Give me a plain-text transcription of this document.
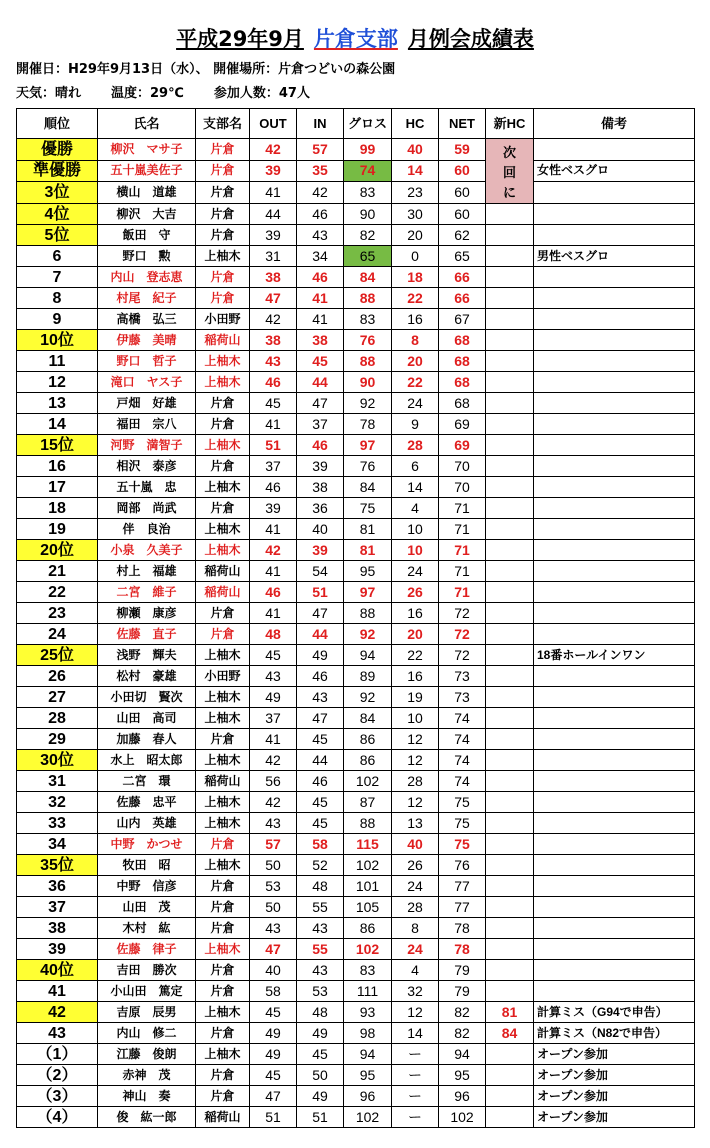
平成29年9月 片倉支部 月例会成績表
開催日：H29年9月13日（水）、 開催場所：片倉つどいの森公園
天気：晴れ 温度：29℃ 参加人数：47人
順位	氏名	支部名	OUT	IN	グロス	HC	NET	新HC	備考
優勝	柳沢　マサ子	片倉	42	57	99	40	59	次回に	
準優勝	五十嵐美佐子	片倉	39	35	74	14	60		女性ベスグロ
3位	横山　道雄	片倉	41	42	83	23	60		
4位	柳沢　大吉	片倉	44	46	90	30	60		
5位	飯田　守	片倉	39	43	82	20	62		
6	野口　勲	上柚木	31	34	65	0	65		男性ベスグロ
7	内山　登志恵	片倉	38	46	84	18	66		
8	村尾　紀子	片倉	47	41	88	22	66		
9	高橋　弘三	小田野	42	41	83	16	67		
10位	伊藤　美晴	稲荷山	38	38	76	8	68		
11	野口　哲子	上柚木	43	45	88	20	68		
12	滝口　ヤス子	上柚木	46	44	90	22	68		
13	戸畑　好雄	片倉	45	47	92	24	68		
14	福田　宗八	片倉	41	37	78	9	69		
15位	河野　満智子	上柚木	51	46	97	28	69		
16	相沢　泰彦	片倉	37	39	76	6	70		
17	五十嵐　忠	上柚木	46	38	84	14	70		
18	岡部　尚武	片倉	39	36	75	4	71		
19	伴　良治	上柚木	41	40	81	10	71		
20位	小泉　久美子	上柚木	42	39	81	10	71		
21	村上　福雄	稲荷山	41	54	95	24	71		
22	二宮　維子	稲荷山	46	51	97	26	71		
23	柳瀬　康彦	片倉	41	47	88	16	72		
24	佐藤　直子	片倉	48	44	92	20	72		
25位	浅野　輝夫	上柚木	45	49	94	22	72		18番ホールインワン
26	松村　豪雄	小田野	43	46	89	16	73		
27	小田切　賢次	上柚木	49	43	92	19	73		
28	山田　高司	上柚木	37	47	84	10	74		
29	加藤　春人	片倉	41	45	86	12	74		
30位	水上　昭太郎	上柚木	42	44	86	12	74		
31	二宮　環	稲荷山	56	46	102	28	74		
32	佐藤　忠平	上柚木	42	45	87	12	75		
33	山内　英雄	上柚木	43	45	88	13	75		
34	中野　かつせ	片倉	57	58	115	40	75		
35位	牧田　昭	上柚木	50	52	102	26	76		
36	中野　信彦	片倉	53	48	101	24	77		
37	山田　茂	片倉	50	55	105	28	77		
38	木村　紘	片倉	43	43	86	8	78		
39	佐藤　律子	上柚木	47	55	102	24	78		
40位	吉田　勝次	片倉	40	43	83	4	79		
41	小山田　篤定	片倉	58	53	111	32	79		
42	吉原　辰男	上柚木	45	48	93	12	82	81	計算ミス（G94で申告）
43	内山　修二	片倉	49	49	98	14	82	84	計算ミス（N82で申告）
（1）	江藤　俊朗	上柚木	49	45	94	ー	94		オープン参加
（2）	赤神　茂	片倉	45	50	95	ー	95		オープン参加
（3）	神山　奏	片倉	47	49	96	ー	96		オープン参加
（4）	俊　紘一郎	稲荷山	51	51	102	ー	102		オープン参加
